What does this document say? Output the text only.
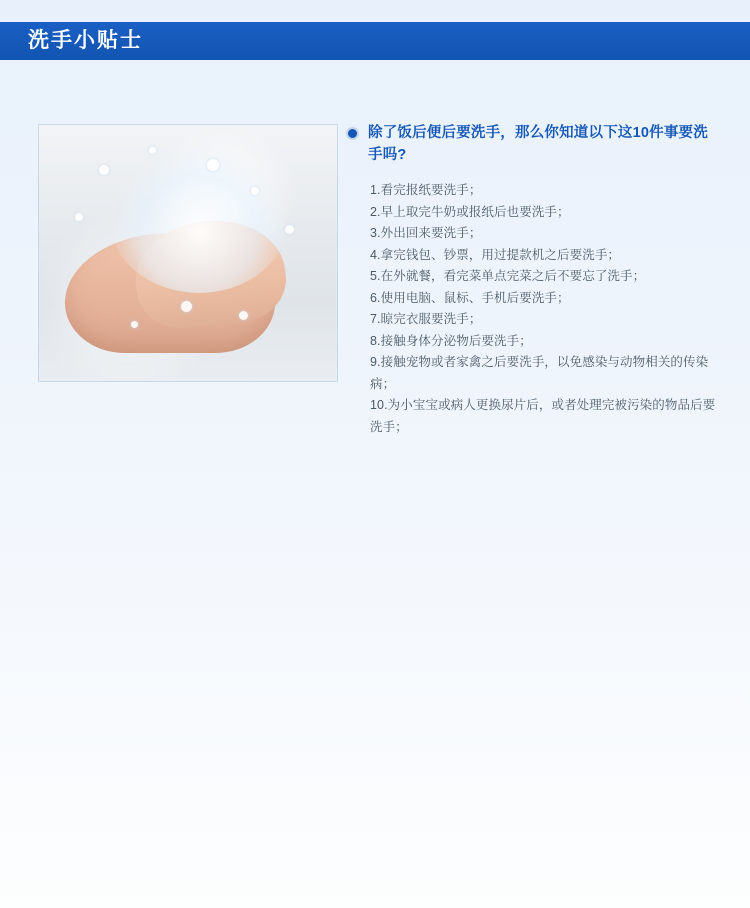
洗手小贴士
除了饭后便后要洗手，那么你知道以下这10件事要洗手吗?
1.看完报纸要洗手；
2.早上取完牛奶或报纸后也要洗手；
3.外出回来要洗手；
4.拿完钱包、钞票，用过提款机之后要洗手；
5.在外就餐，看完菜单点完菜之后不要忘了洗手；
6.使用电脑、鼠标、手机后要洗手；
7.晾完衣服要洗手；
8.接触身体分泌物后要洗手；
9.接触宠物或者家禽之后要洗手，以免感染与动物相关的传染病；
10.为小宝宝或病人更换尿片后，或者处理完被污染的物品后要洗手；
